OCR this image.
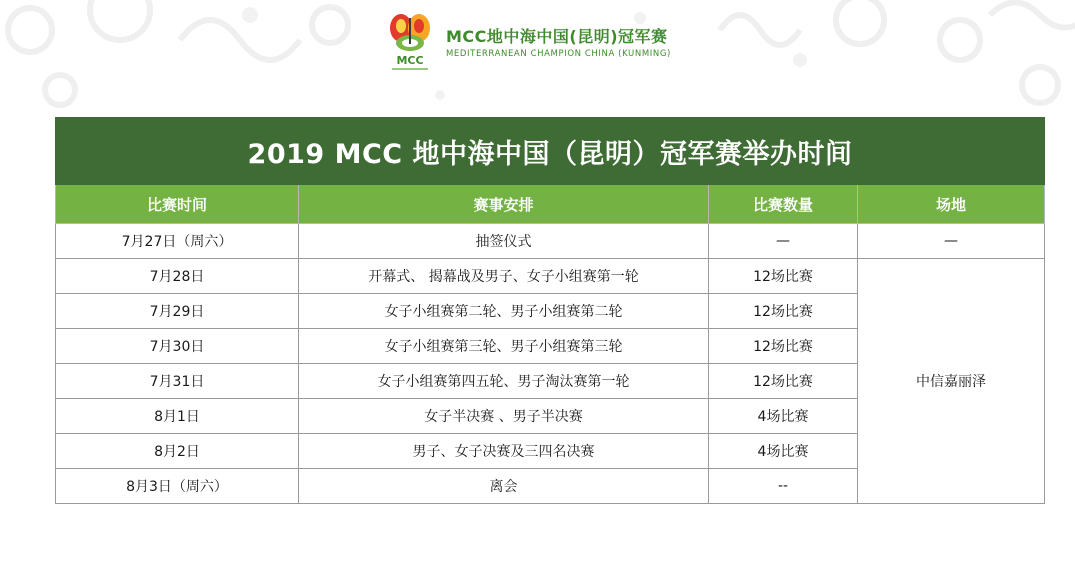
MCC
MCC地中海中国(昆明)冠军赛
MEDITERRANEAN CHAMPION CHINA (KUNMING)
2019 MCC 地中海中国（昆明）冠军赛举办时间			
比赛时间	赛事安排	比赛数量	场地
7月27日（周六）	抽签仪式	—	—
7月28日	开幕式、 揭幕战及男子、女子小组赛第一轮	12场比赛	中信嘉丽泽
7月29日	女子小组赛第二轮、男子小组赛第二轮	12场比赛	
7月30日	女子小组赛第三轮、男子小组赛第三轮	12场比赛	
7月31日	女子小组赛第四五轮、男子淘汰赛第一轮	12场比赛	
8月1日	女子半决赛 、男子半决赛	4场比赛	
8月2日	男子、女子决赛及三四名决赛	4场比赛	
8月3日（周六）	离会	--	
